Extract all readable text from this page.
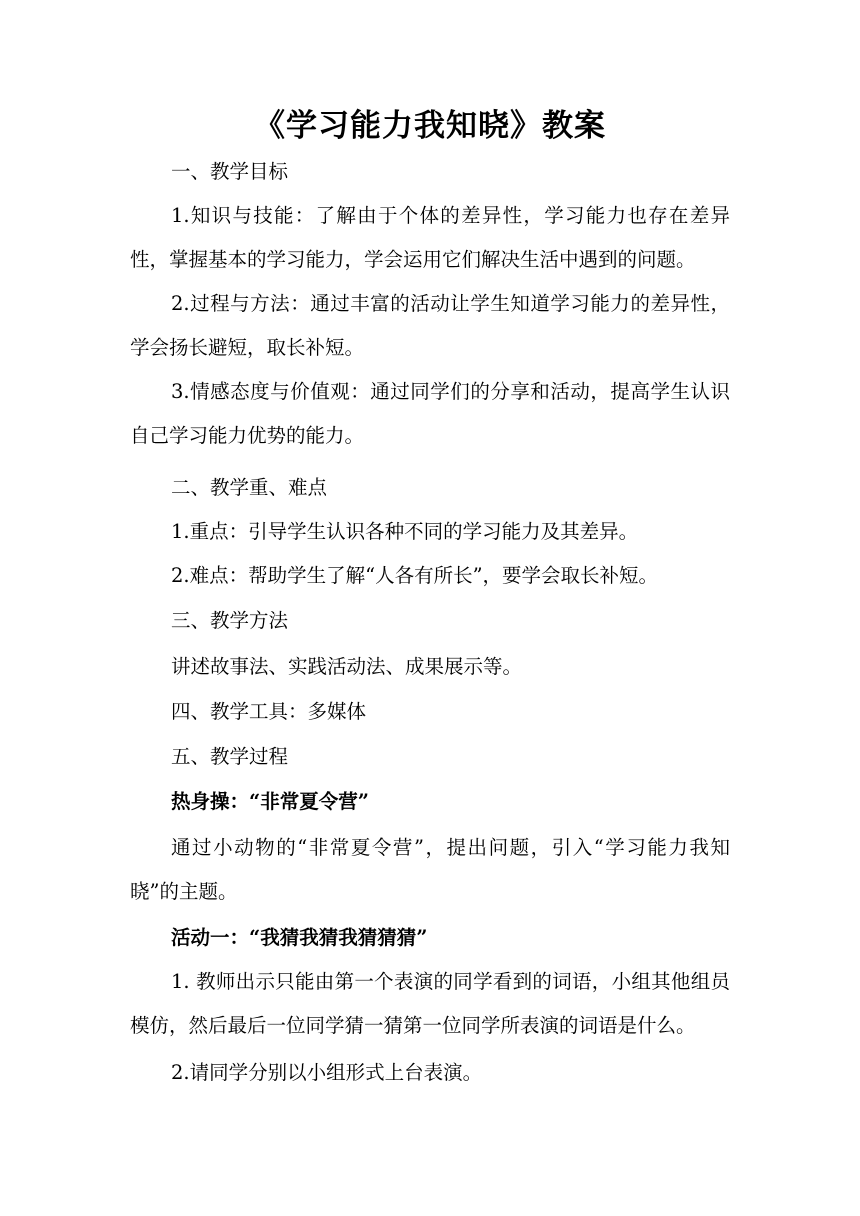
《学习能力我知晓》教案

一、教学目标

1.知识与技能：了解由于个体的差异性，学习能力也存在差异性，掌握基本的学习能力，学会运用它们解决生活中遇到的问题。

2.过程与方法：通过丰富的活动让学生知道学习能力的差异性，学会扬长避短，取长补短。

3.情感态度与价值观：通过同学们的分享和活动，提高学生认识自己学习能力优势的能力。

二、教学重、难点

1.重点：引导学生认识各种不同的学习能力及其差异。

2.难点：帮助学生了解“人各有所长”，要学会取长补短。

三、教学方法

讲述故事法、实践活动法、成果展示等。

四、教学工具：多媒体

五、教学过程

热身操：“非常夏令营”

通过小动物的“非常夏令营”，提出问题，引入“学习能力我知晓”的主题。

活动一：“我猜我猜我猜猜猜”

1. 教师出示只能由第一个表演的同学看到的词语，小组其他组员模仿，然后最后一位同学猜一猜第一位同学所表演的词语是什么。

2.请同学分别以小组形式上台表演。
